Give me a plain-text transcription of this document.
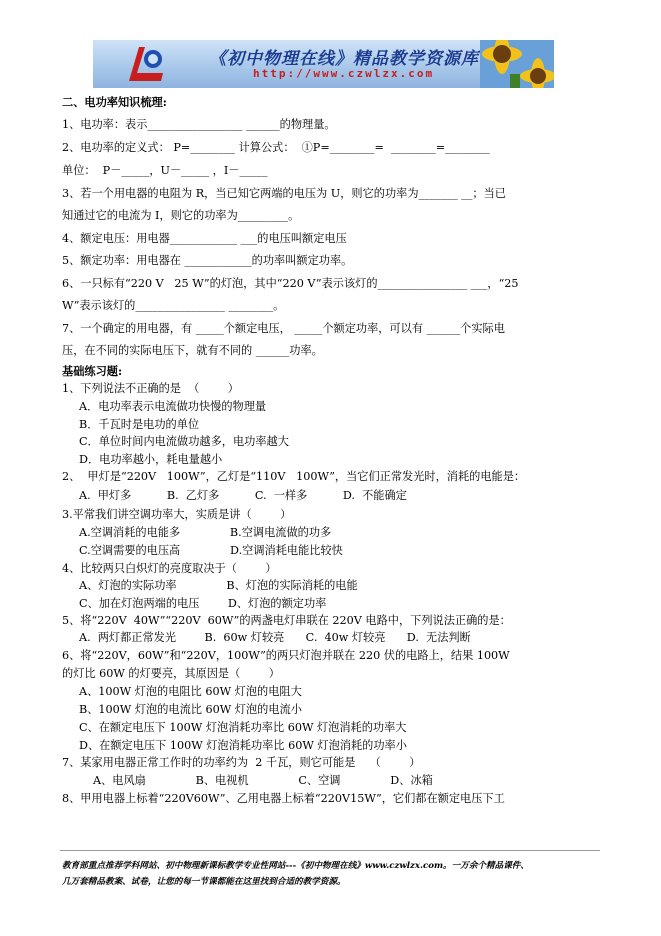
《初中物理在线》精品教学资源库
http://www.czwlzx.com
二、电功率知识梳理:
1、电功率：表示_________________ ______的物理量。
2、电功率的定义式： P=________ 计算公式：  ①P=________=  ________=________
单位：  P－_____，U－_____ ，I－_____
3、若一个用电器的电阻为 R，当已知它两端的电压为 U，则它的功率为_______ __；当已
知通过它的电流为 I，则它的功率为_________。
4、额定电压：用电器____________ ___的电压叫额定电压
5、额定功率：用电器在 ____________的功率叫额定功率。
6、一只标有“220 V   25 W”的灯泡，其中“220 V”表示该灯的________________ ___，“25
W”表示该灯的________________ ________。
7、一个确定的用电器，有 _____个额定电压， _____个额定功率，可以有 ______个实际电
压，在不同的实际电压下，就有不同的 ______功率。
基础练习题:
1、下列说法不正确的是  （        ）
A．电功率表示电流做功快慢的物理量
B．千瓦时是电功的单位
C．单位时间内电流做功越多，电功率越大
D．电功率越小，耗电量越小
2、  甲灯是“220V   100W”，乙灯是“110V   100W”，当它们正常发光时，消耗的电能是：
A.  甲灯多          B.  乙灯多          C.  一样多          D.  不能确定
3.平常我们讲空调功率大，实质是讲（        ）
A.空调消耗的电能多              B.空调电流做的功多
C.空调需要的电压高              D.空调消耗电能比较快
4、比较两只白炽灯的亮度取决于（        ）
A、灯泡的实际功率              B、灯泡的实际消耗的电能
C、加在灯泡两端的电压        D、灯泡的额定功率
5、将“220V  40W”“220V  60W”的两盏电灯串联在 220V 电路中，下列说法正确的是：
A.  两灯都正常发光        B.  60w 灯较亮      C.  40w 灯较亮      D.  无法判断
6、将“220V，60W”和“220V，100W”的两只灯泡并联在 220 伏的电路上，结果 100W
的灯比 60W 的灯要亮，其原因是（        ）
A、100W 灯泡的电阻比 60W 灯泡的电阻大
B、100W 灯泡的电流比 60W 灯泡的电流小
C、在额定电压下 100W 灯泡消耗功率比 60W 灯泡消耗的功率大
D、在额定电压下 100W 灯泡消耗功率比 60W 灯泡消耗的功率小
7、某家用电器正常工作时的功率约为  2 千瓦，则它可能是    （        ）
A、电风扇              B、电视机              C、空调              D、冰箱
8、甲用电器上标着“220V60W”、乙用电器上标着“220V15W”，它们都在额定电压下工
教育部重点推荐学科网站、初中物理新课标教学专业性网站---《初中物理在线》www.czwlzx.com。一万余个精品课件、
几万套精品教案、试卷，让您的每一节课都能在这里找到合适的教学资源。
